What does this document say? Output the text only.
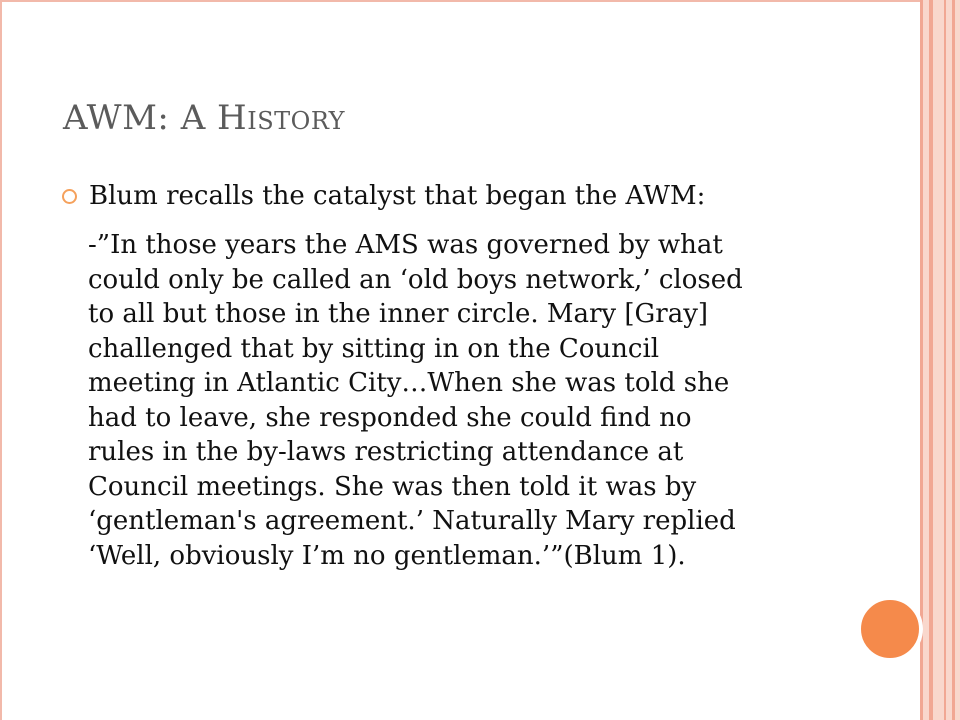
AWM: A History
Blum recalls the catalyst that began the AWM:
-”In those years the AMS was governed by what
could only be called an ‘old boys network,’ closed
to all but those in the inner circle. Mary [Gray]
challenged that by sitting in on the Council
meeting in Atlantic City…When she was told she
had to leave, she responded she could find no
rules in the by-laws restricting attendance at
Council meetings. She was then told it was by
‘gentleman's agreement.’ Naturally Mary replied
‘Well, obviously I’m no gentleman.’”(Blum 1).
